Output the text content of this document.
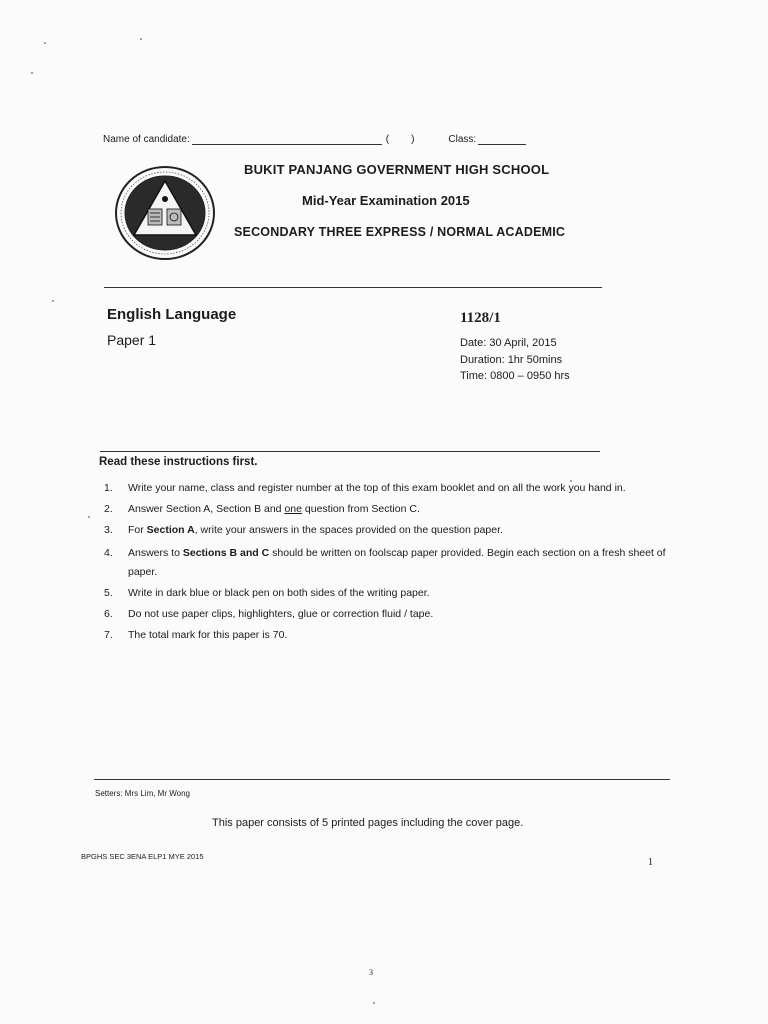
Name of candidate:	( )	Class:
BUKIT PANJANG GOVERNMENT HIGH SCHOOL
Mid-Year Examination 2015
SECONDARY THREE EXPRESS / NORMAL ACADEMIC
English Language
Paper 1
1128/1
Date: 30 April, 2015
Duration: 1hr 50mins
Time: 0800 – 0950 hrs
Read these instructions first.
1.	Write your name, class and register number at the top of this exam booklet and on all the work you hand in.
2.	Answer Section A, Section B and one question from Section C.
3.	For Section A, write your answers in the spaces provided on the question paper.
4.	Answers to Sections B and C should be written on foolscap paper provided. Begin each section on a fresh sheet of paper.
5.	Write in dark blue or black pen on both sides of the writing paper.
6.	Do not use paper clips, highlighters, glue or correction fluid / tape.
7.	The total mark for this paper is 70.
Setters: Mrs Lim, Mr Wong
This paper consists of 5 printed pages including the cover page.
BPGHS SEC 3ENA ELP1 MYE 2015
1
3
